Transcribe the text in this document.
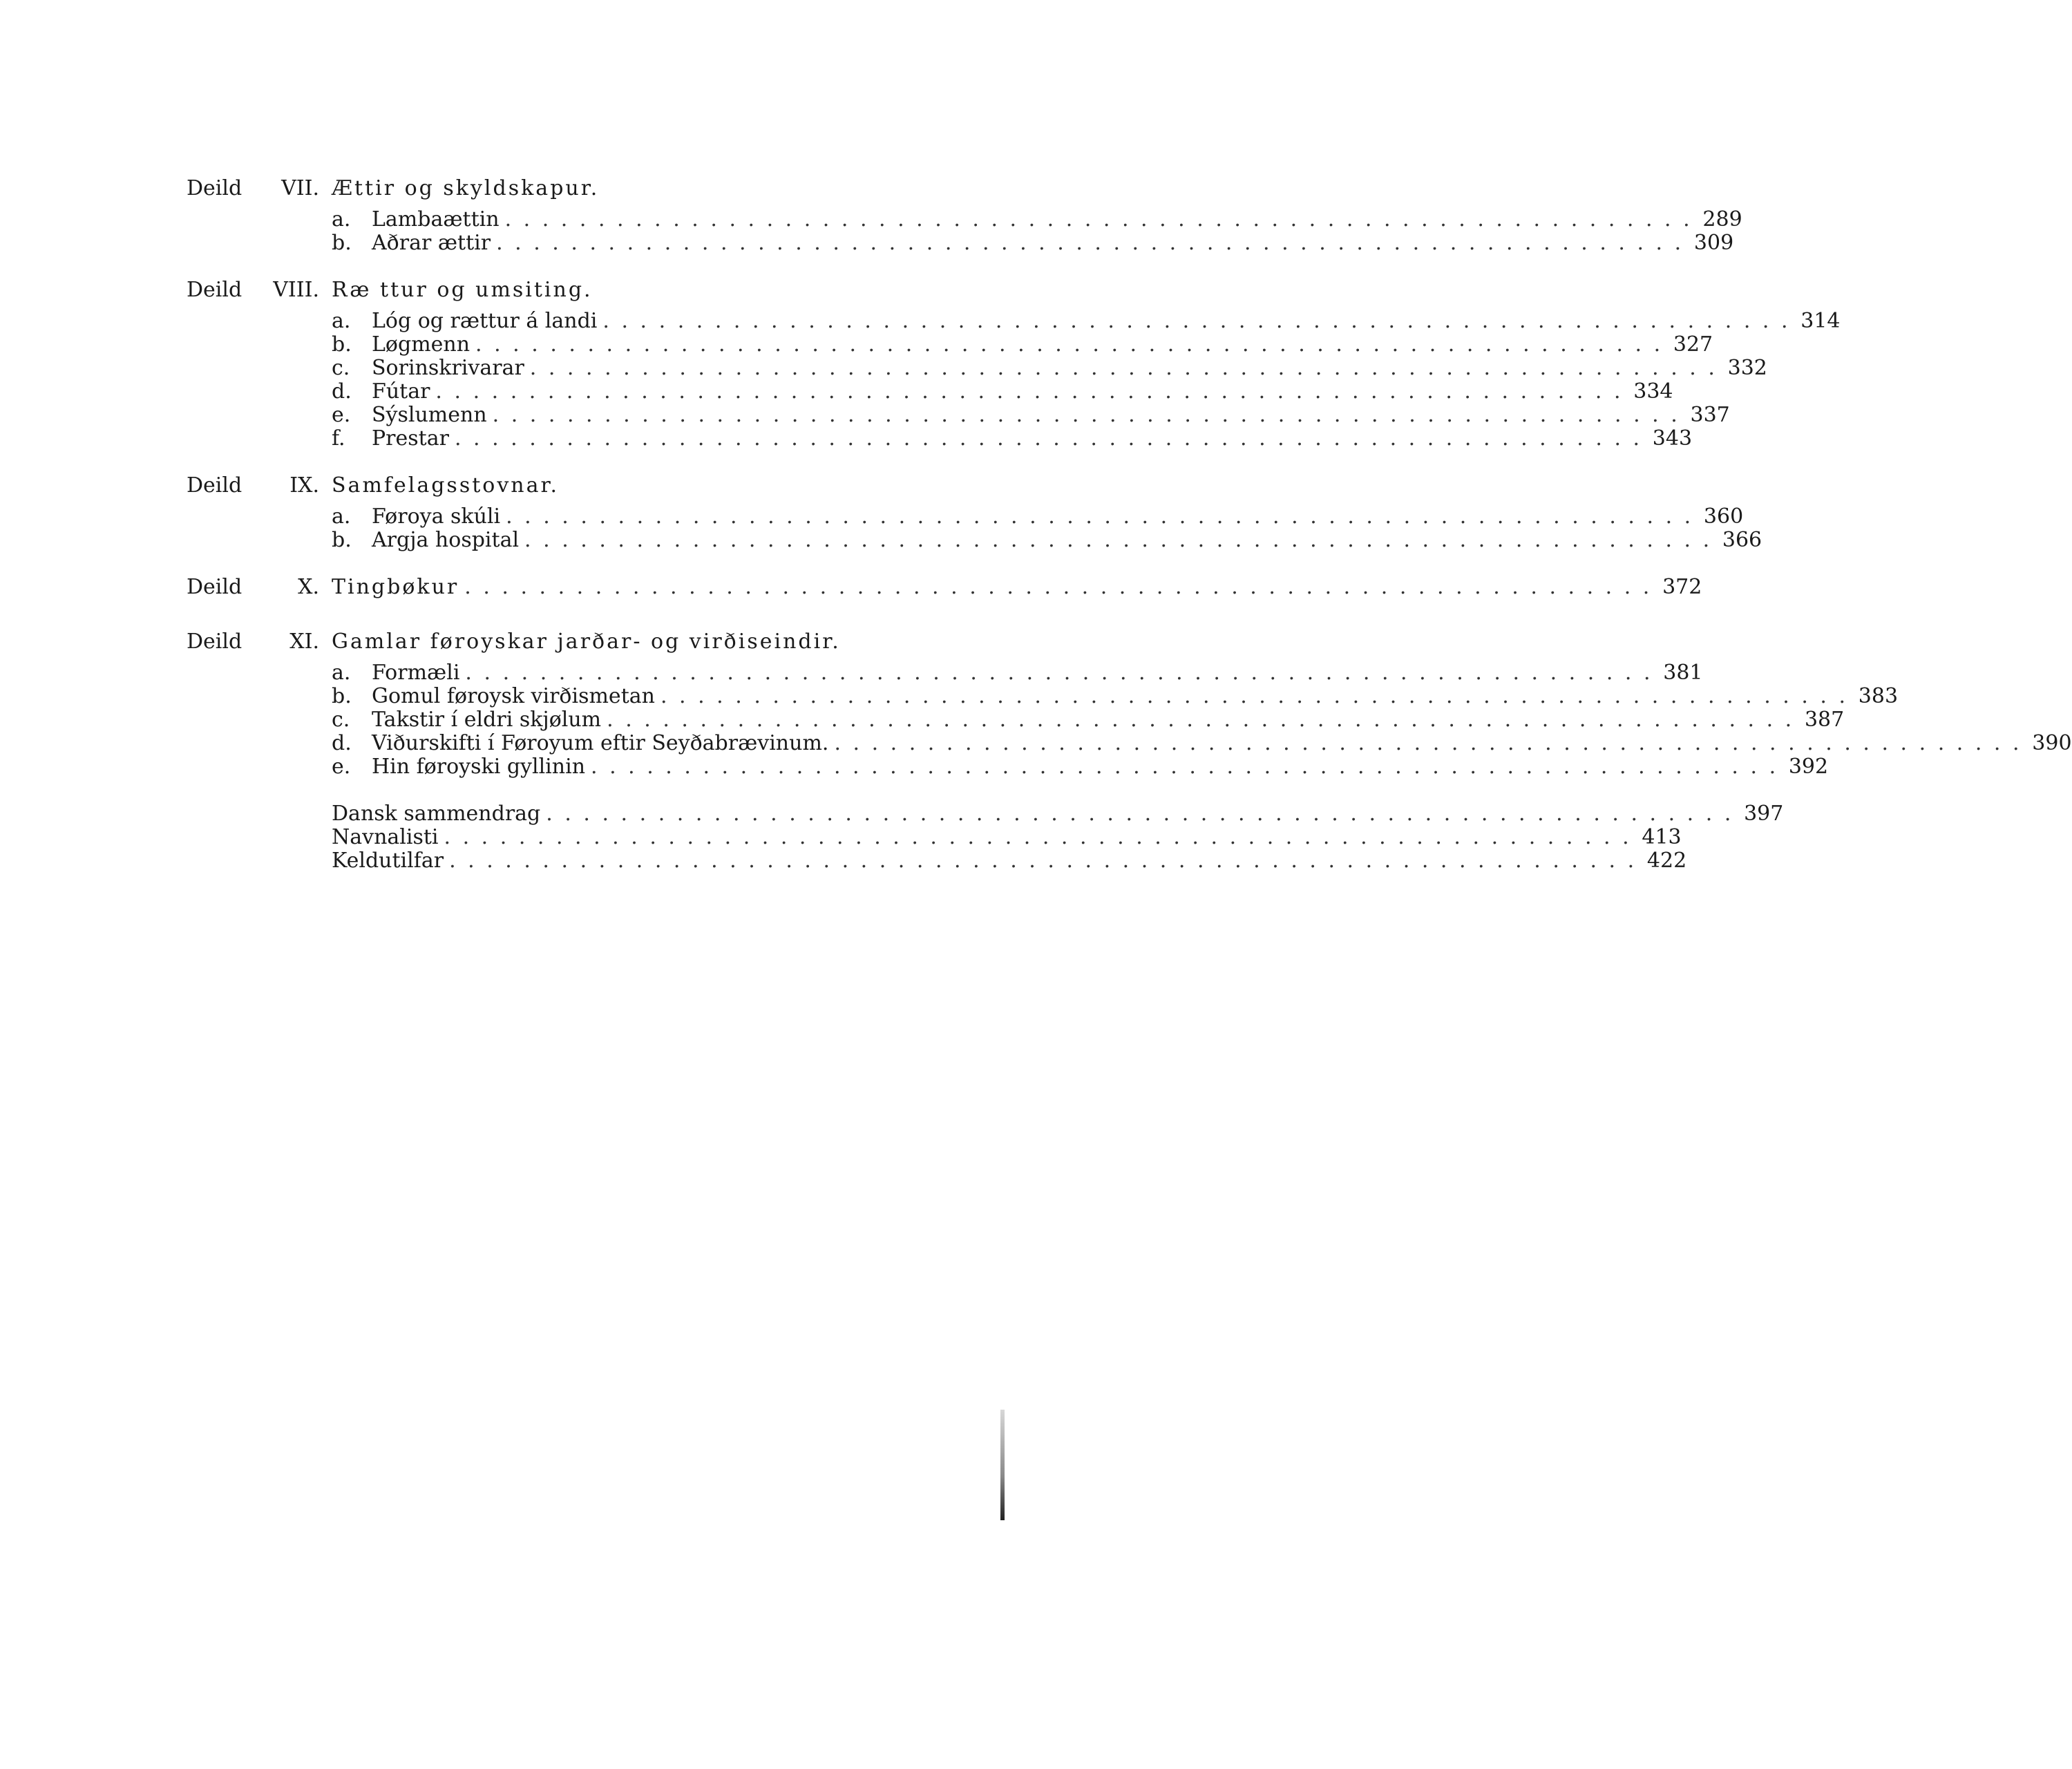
Deild VII. Ættir og skyldskapur.
a.	Lambaættin . . . . . . . . . . . . . . . . . . . . . . . . . . . . . . . . . . . . . . . . . . . . . . . . . . . . . . . . . . . . . . . . 289
b. Aðrar ættir . . . . . . . . . . . . . . . . . . . . . . . . . . . . . . . . . . . . . . . . . . . . . . . . . . . . . . . . . . . . . . . . 309
Deild VIII. Ræ ttur og umsiting.
a.	Lóg og rættur á landi . . . . . . . . . . . . . . . . . . . . . . . . . . . . . . . . . . . . . . . . . . . . . . . . . . . . . . . . . . . . . . . . 314
b. Løgmenn . . . . . . . . . . . . . . . . . . . . . . . . . . . . . . . . . . . . . . . . . . . . . . . . . . . . . . . . . . . . . . . . 327
c.	Sorinskrivarar . . . . . . . . . . . . . . . . . . . . . . . . . . . . . . . . . . . . . . . . . . . . . . . . . . . . . . . . . . . . . . . . 332
d. Fútar . . . . . . . . . . . . . . . . . . . . . . . . . . . . . . . . . . . . . . . . . . . . . . . . . . . . . . . . . . . . . . . . 334
e.	Sýslumenn . . . . . . . . . . . . . . . . . . . . . . . . . . . . . . . . . . . . . . . . . . . . . . . . . . . . . . . . . . . . . . . . 337
f.	Prestar . . . . . . . . . . . . . . . . . . . . . . . . . . . . . . . . . . . . . . . . . . . . . . . . . . . . . . . . . . . . . . . . 343
Deild IX. Samfelagsstovnar.
a.	Føroya skúli . . . . . . . . . . . . . . . . . . . . . . . . . . . . . . . . . . . . . . . . . . . . . . . . . . . . . . . . . . . . . . . . 360
b. Argja hospital . . . . . . . . . . . . . . . . . . . . . . . . . . . . . . . . . . . . . . . . . . . . . . . . . . . . . . . . . . . . . . . . 366
Deild	X. Tingbøkur . . . . . . . . . . . . . . . . . . . . . . . . . . . . . . . . . . . . . . . . . . . . . . . . . . . . . . . . . . . . . . . . 372
Deild XI. Gamlar føroyskar jarðar- og virðiseindir.
a.	Formæli . . . . . . . . . . . . . . . . . . . . . . . . . . . . . . . . . . . . . . . . . . . . . . . . . . . . . . . . . . . . . . . . 381
b. Gomul føroysk virðismetan . . . . . . . . . . . . . . . . . . . . . . . . . . . . . . . . . . . . . . . . . . . . . . . . . . . . . . . . . . . . . . . . 383
c.	Takstir í eldri skjølum . . . . . . . . . . . . . . . . . . . . . . . . . . . . . . . . . . . . . . . . . . . . . . . . . . . . . . . . . . . . . . . . 387
d. Viðurskifti í Føroyum eftir Seyðabrævinum. . . . . . . . . . . . . . . . . . . . . . . . . . . . . . . . . . . . . . . . . . . . . . . . . . . . . . . . . . . . . . . . . 390
e.	Hin føroyski gyllinin . . . . . . . . . . . . . . . . . . . . . . . . . . . . . . . . . . . . . . . . . . . . . . . . . . . . . . . . . . . . . . . . 392
Dansk sammendrag . . . . . . . . . . . . . . . . . . . . . . . . . . . . . . . . . . . . . . . . . . . . . . . . . . . . . . . . . . . . . . . . 397
Navnalisti . . . . . . . . . . . . . . . . . . . . . . . . . . . . . . . . . . . . . . . . . . . . . . . . . . . . . . . . . . . . . . . . 413
Keldutilfar . . . . . . . . . . . . . . . . . . . . . . . . . . . . . . . . . . . . . . . . . . . . . . . . . . . . . . . . . . . . . . . . 422
